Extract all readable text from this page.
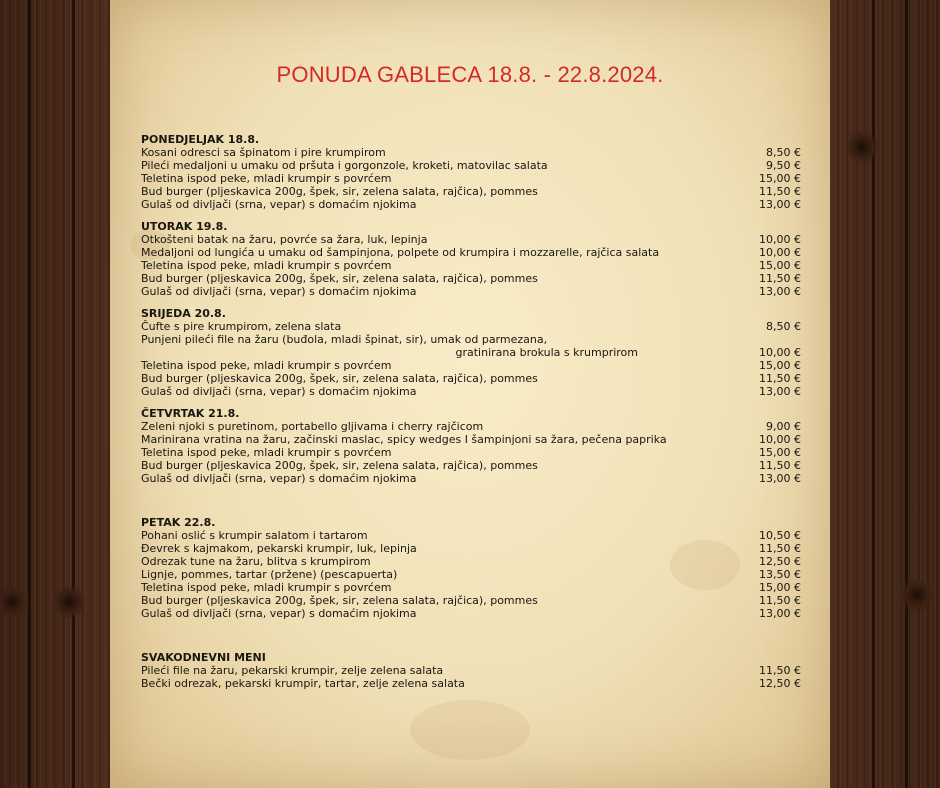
PONUDA GABLECA 18.8. - 22.8.2024.
PONEDJELJAK 18.8.
Kosani odresci sa špinatom i pire krumpirom	8,50 €
Pileći medaljoni u umaku od pršuta i gorgonzole, kroketi, matovilac salata	9,50 €
Teletina ispod peke, mladi krumpir s povrćem	15,00 €
Bud burger (pljeskavica 200g, špek, sir, zelena salata, rajčica), pommes	11,50 €
Gulaš od divljači (srna, vepar) s domaćim njokima	13,00 €
UTORAK 19.8.
Otkošteni batak na žaru, povrće sa žara, luk, lepinja	10,00 €
Medaljoni od lungića u umaku od šampinjona, polpete od krumpira i mozzarelle, rajčica salata	10,00 €
Teletina ispod peke, mladi krumpir s povrćem	15,00 €
Bud burger (pljeskavica 200g, špek, sir, zelena salata, rajčica), pommes	11,50 €
Gulaš od divljači (srna, vepar) s domaćim njokima	13,00 €
SRIJEDA 20.8.
Čufte s pire krumpirom, zelena slata	8,50 €
Punjeni pileći file na žaru (buđola, mladi špinat, sir), umak od parmezana,
gratinirana brokula s krumprirom	10,00 €
Teletina ispod peke, mladi krumpir s povrćem	15,00 €
Bud burger (pljeskavica 200g, špek, sir, zelena salata, rajčica), pommes	11,50 €
Gulaš od divljači (srna, vepar) s domaćim njokima	13,00 €
ČETVRTAK 21.8.
Zeleni njoki s puretinom, portabello gljivama i cherry rajčicom	9,00 €
Marinirana vratina na žaru, začinski maslac, spicy wedges I šampinjoni sa žara, pečena paprika	10,00 €
Teletina ispod peke, mladi krumpir s povrćem	15,00 €
Bud burger (pljeskavica 200g, špek, sir, zelena salata, rajčica), pommes	11,50 €
Gulaš od divljači (srna, vepar) s domaćim njokima	13,00 €
PETAK 22.8.
Pohani oslić s krumpir salatom i tartarom	10,50 €
Ðevrek s kajmakom, pekarski krumpir, luk, lepinja	11,50 €
Odrezak tune na žaru, blitva s krumpirom	12,50 €
Lignje, pommes, tartar (pržene) (pescapuerta)	13,50 €
Teletina ispod peke, mladi krumpir s povrćem	15,00 €
Bud burger (pljeskavica 200g, špek, sir, zelena salata, rajčica), pommes	11,50 €
Gulaš od divljači (srna, vepar) s domaćim njokima	13,00 €
SVAKODNEVNI MENI
Pileći file na žaru, pekarski krumpir, zelje zelena salata	11,50 €
Bečki odrezak, pekarski krumpir, tartar, zelje zelena salata	12,50 €
